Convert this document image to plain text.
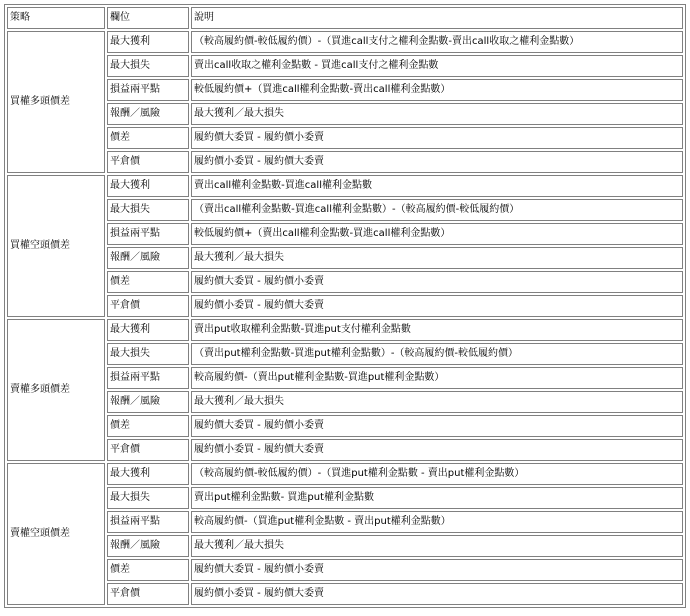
策略	欄位	說明
買權多頭價差	最大獲利	（較高履約價-較低履約價）-（買進call支付之權利金點數-賣出call收取之權利金點數）
	最大損失	賣出call收取之權利金點數 - 買進call支付之權利金點數
	損益兩平點	較低履約價+（買進call權利金點數-賣出call權利金點數）
	報酬／風險	最大獲利／最大損失
	價差	履約價大委買 - 履約價小委賣
	平倉價	履約價小委買 - 履約價大委賣
買權空頭價差	最大獲利	賣出call權利金點數-買進call權利金點數
	最大損失	（賣出call權利金點數-買進call權利金點數）-（較高履約價-較低履約價）
	損益兩平點	較低履約價+（賣出call權利金點數-買進call權利金點數）
	報酬／風險	最大獲利／最大損失
	價差	履約價大委買 - 履約價小委賣
	平倉價	履約價小委買 - 履約價大委賣
賣權多頭價差	最大獲利	賣出put收取權利金點數-買進put支付權利金點數
	最大損失	（賣出put權利金點數-買進put權利金點數）-（較高履約價-較低履約價）
	損益兩平點	較高履約價-（賣出put權利金點數-買進put權利金點數）
	報酬／風險	最大獲利／最大損失
	價差	履約價大委買 - 履約價小委賣
	平倉價	履約價小委買 - 履約價大委賣
賣權空頭價差	最大獲利	（較高履約價-較低履約價）-（買進put權利金點數 - 賣出put權利金點數）
	最大損失	賣出put權利金點數- 買進put權利金點數
	損益兩平點	較高履約價-（買進put權利金點數 - 賣出put權利金點數）
	報酬／風險	最大獲利／最大損失
	價差	履約價大委買 - 履約價小委賣
	平倉價	履約價小委買 - 履約價大委賣
